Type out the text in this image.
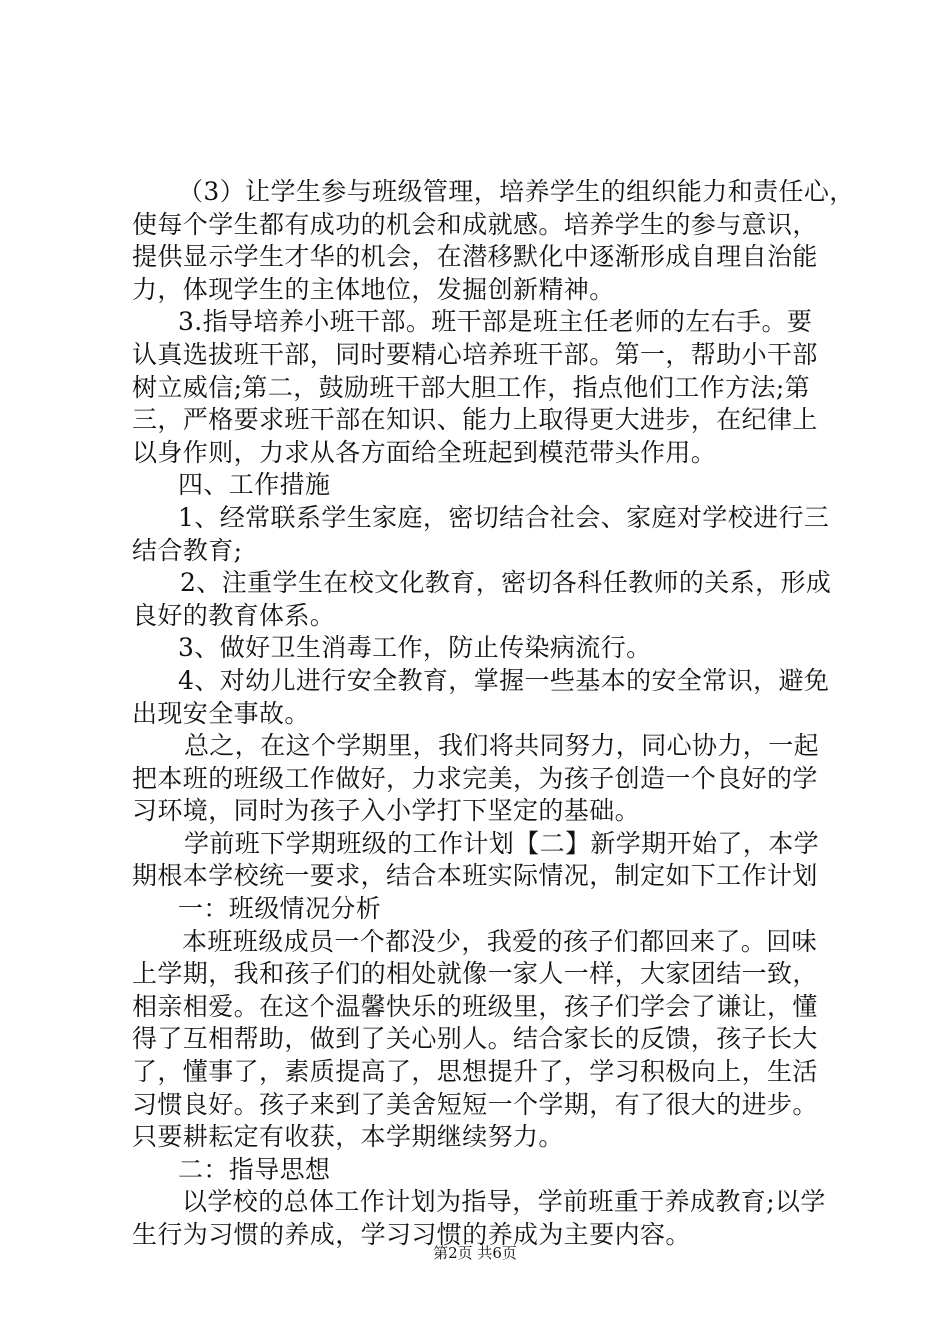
（3）让学生参与班级管理，培养学生的组织能力和责任心，
使每个学生都有成功的机会和成就感。培养学生的参与意识，
提供显示学生才华的机会，在潜移默化中逐渐形成自理自治能
力，体现学生的主体地位，发掘创新精神。
3.指导培养小班干部。班干部是班主任老师的左右手。要
认真选拔班干部，同时要精心培养班干部。第一，帮助小干部
树立威信;第二，鼓励班干部大胆工作，指点他们工作方法;第
三，严格要求班干部在知识、能力上取得更大进步，在纪律上
以身作则，力求从各方面给全班起到模范带头作用。
四、工作措施
1、经常联系学生家庭，密切结合社会、家庭对学校进行三
结合教育;
2、注重学生在校文化教育，密切各科任教师的关系，形成
良好的教育体系。
3、做好卫生消毒工作，防止传染病流行。
4、对幼儿进行安全教育，掌握一些基本的安全常识，避免
出现安全事故。
总之，在这个学期里，我们将共同努力，同心协力，一起
把本班的班级工作做好，力求完美，为孩子创造一个良好的学
习环境，同时为孩子入小学打下坚定的基础。
学前班下学期班级的工作计划【二】新学期开始了，本学
期根本学校统一要求，结合本班实际情况，制定如下工作计划
一：班级情况分析
本班班级成员一个都没少，我爱的孩子们都回来了。回味
上学期，我和孩子们的相处就像一家人一样，大家团结一致，
相亲相爱。在这个温馨快乐的班级里，孩子们学会了谦让，懂
得了互相帮助，做到了关心别人。结合家长的反馈，孩子长大
了，懂事了，素质提高了，思想提升了，学习积极向上，生活
习惯良好。孩子来到了美舍短短一个学期，有了很大的进步。
只要耕耘定有收获，本学期继续努力。
二：指导思想
以学校的总体工作计划为指导，学前班重于养成教育;以学
生行为习惯的养成，学习习惯的养成为主要内容。
第2页 共6页
